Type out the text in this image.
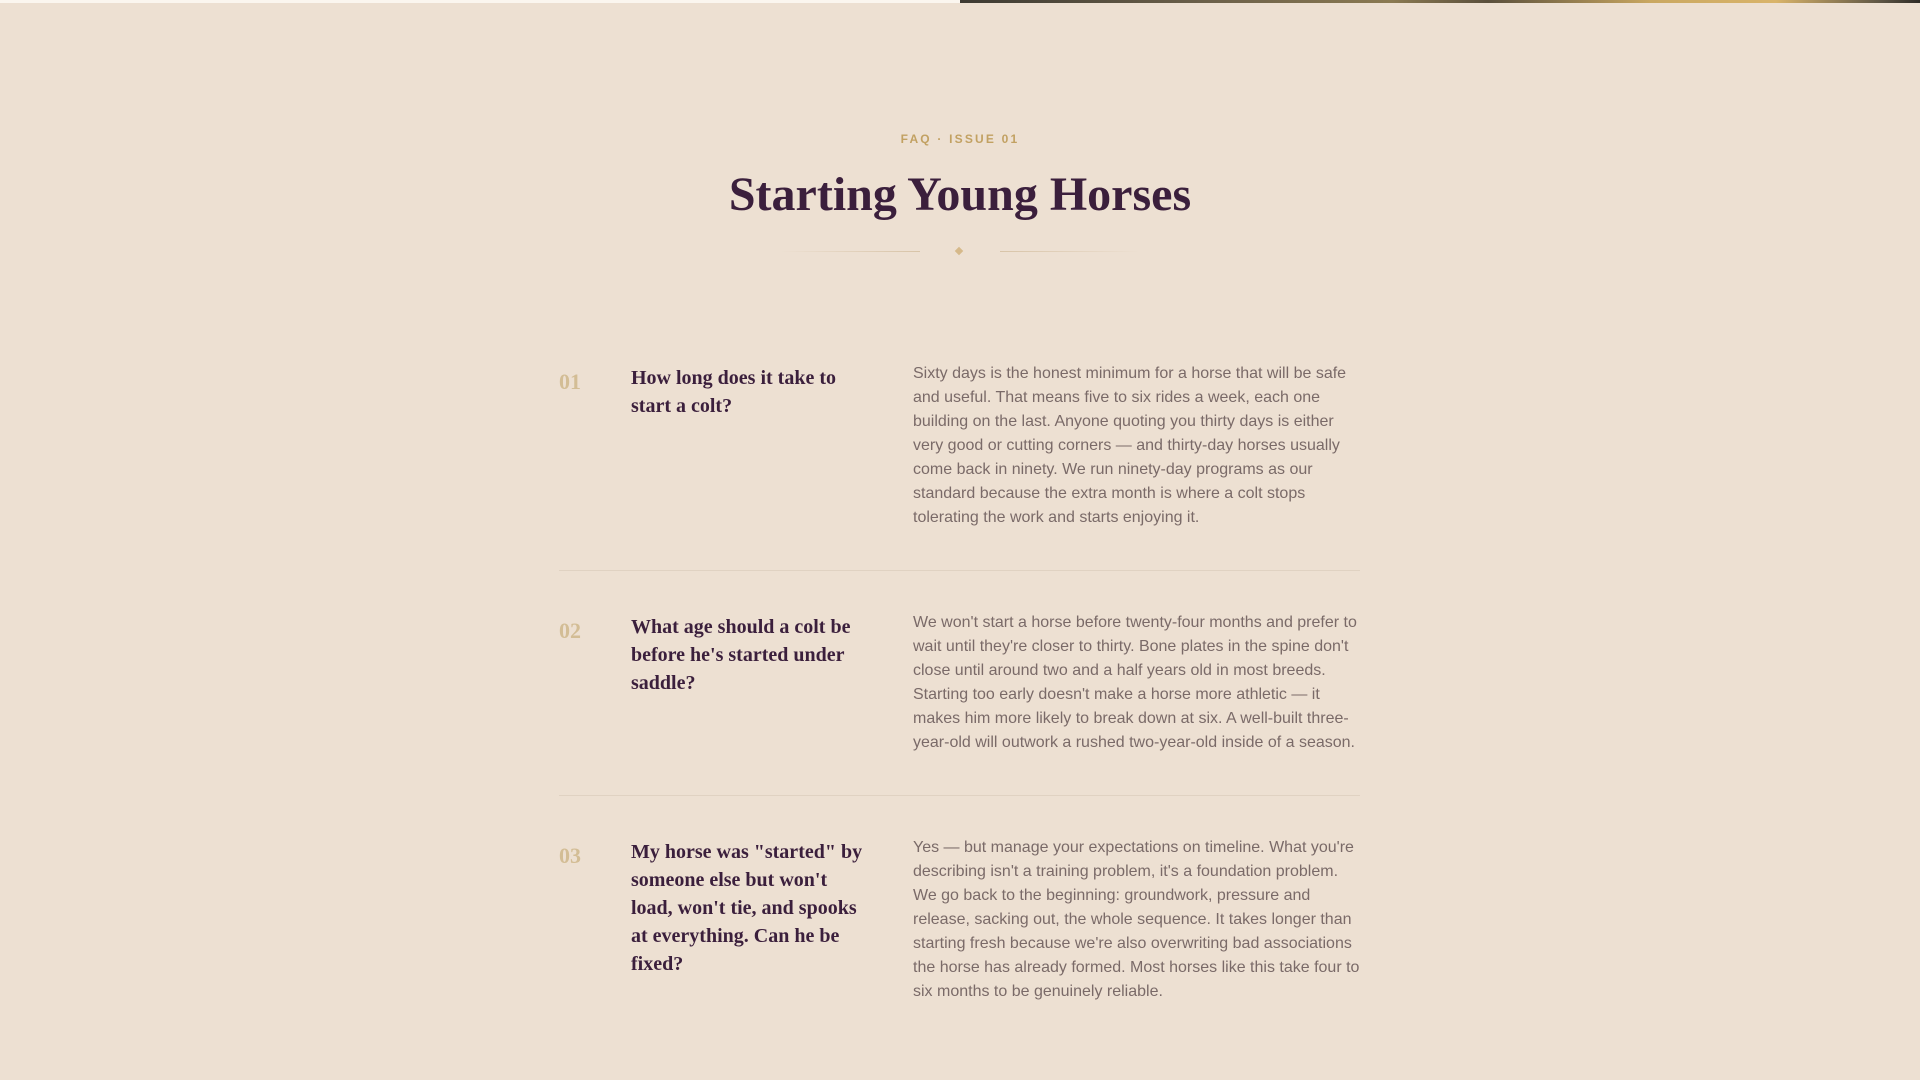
FAQ · ISSUE 01
Starting Young Horses
01	How long does it take to start a colt?
Sixty days is the honest minimum for a horse that will be safe and useful. That means five to six rides a week, each one building on the last. Anyone quoting you thirty days is either very good or cutting corners — and thirty-day horses usually come back in ninety. We run ninety-day programs as our standard because the extra month is where a colt stops tolerating the work and starts enjoying it.
02	What age should a colt be before he's started under saddle?
We won't start a horse before twenty-four months and prefer to wait until they're closer to thirty. Bone plates in the spine don't close until around two and a half years old in most breeds. Starting too early doesn't make a horse more athletic — it makes him more likely to break down at six. A well-built three-year-old will outwork a rushed two-year-old inside of a season.
03	My horse was "started" by someone else but won't load, won't tie, and spooks at everything. Can he be fixed?
Yes — but manage your expectations on timeline. What you're describing isn't a training problem, it's a foundation problem. We go back to the beginning: groundwork, pressure and release, sacking out, the whole sequence. It takes longer than starting fresh because we're also overwriting bad associations the horse has already formed. Most horses like this take four to six months to be genuinely reliable.
